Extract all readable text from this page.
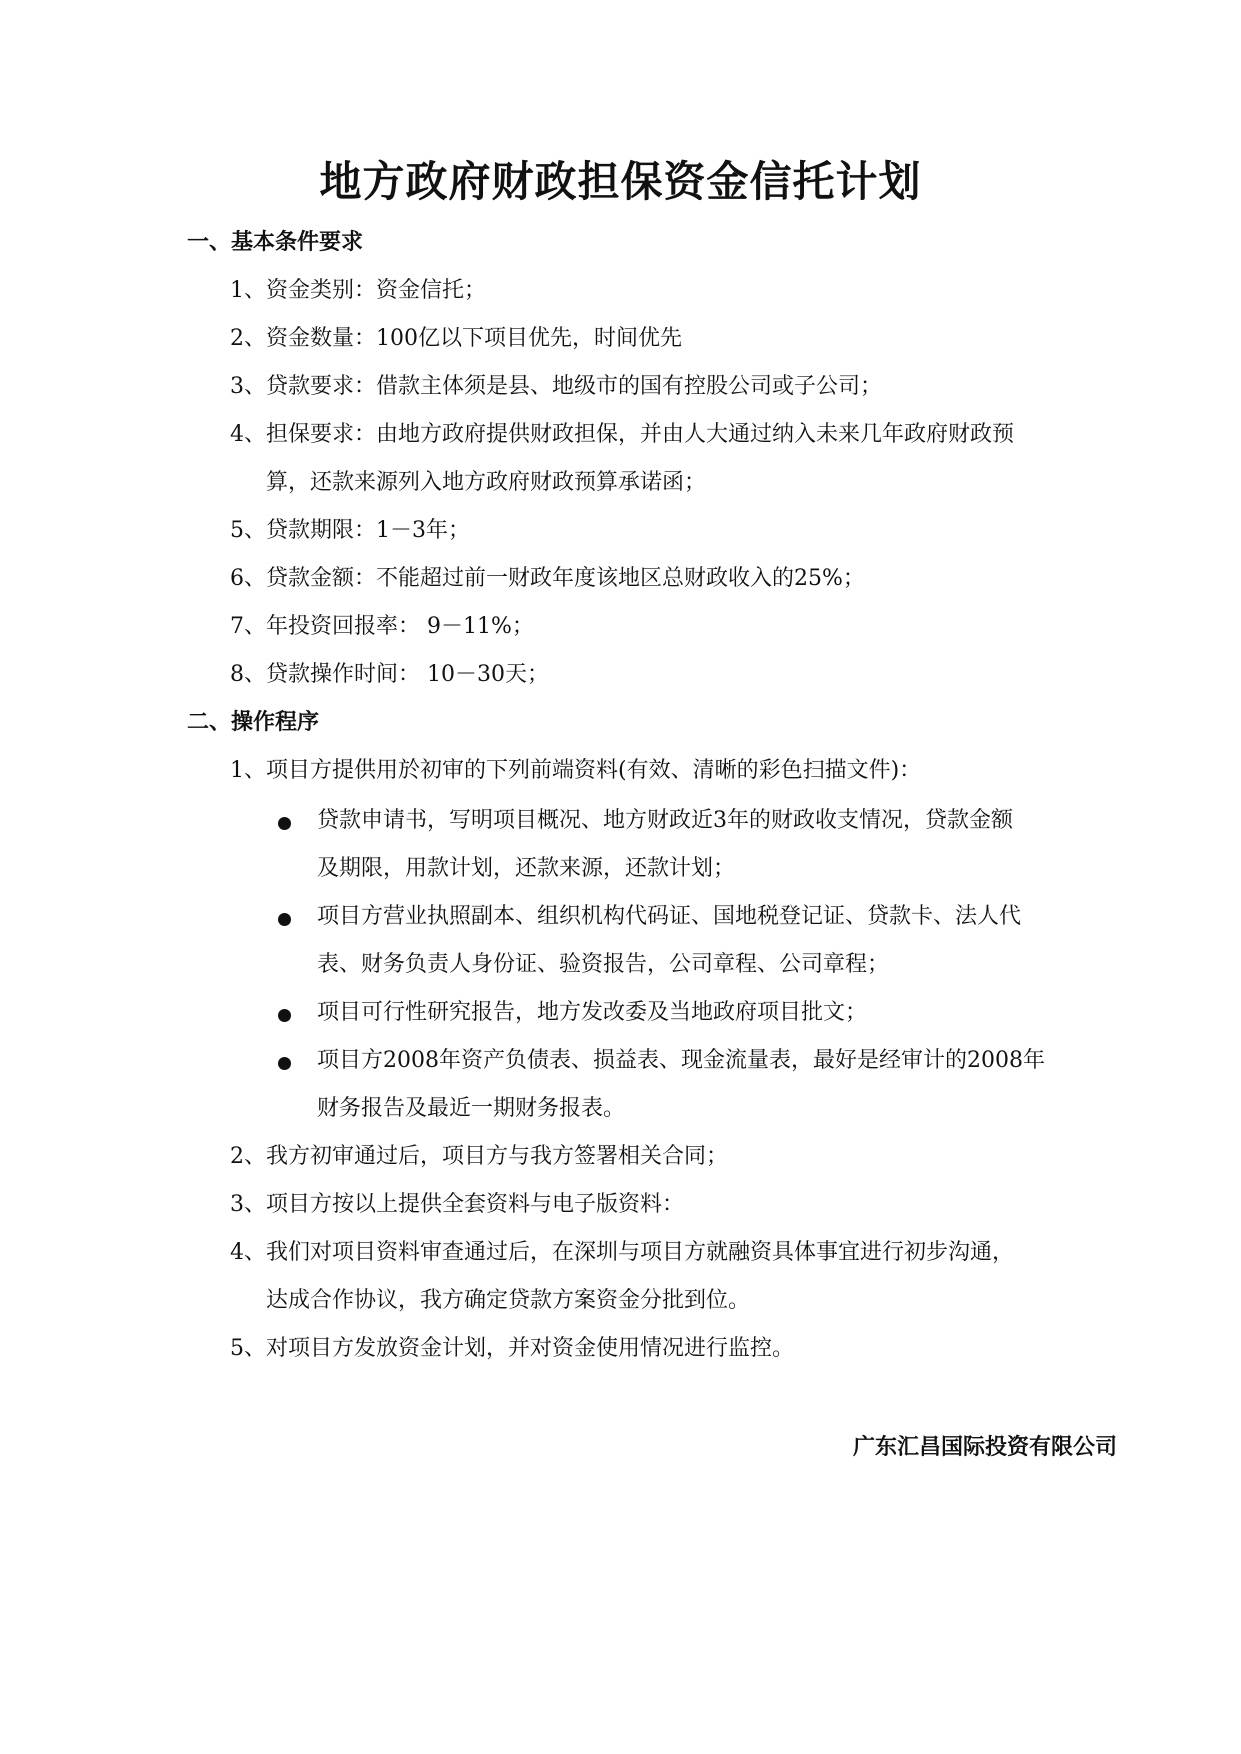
地方政府财政担保资金信托计划
一、基本条件要求
1、资金类别：资金信托；
2、资金数量：100亿以下项目优先，时间优先
3、贷款要求：借款主体须是县、地级市的国有控股公司或子公司；
4、担保要求：由地方政府提供财政担保，并由人大通过纳入未来几年政府财政预
算，还款来源列入地方政府财政预算承诺函；
5、贷款期限：1－3年；
6、贷款金额：不能超过前一财政年度该地区总财政收入的25%；
7、年投资回报率： 9－11%；
8、贷款操作时间： 10－30天；
二、操作程序
1、项目方提供用於初审的下列前端资料(有效、清晰的彩色扫描文件)：
贷款申请书，写明项目概况、地方财政近3年的财政收支情况，贷款金额
及期限，用款计划，还款来源，还款计划；
项目方营业执照副本、组织机构代码证、国地税登记证、贷款卡、法人代
表、财务负责人身份证、验资报告，公司章程、公司章程；
项目可行性研究报告，地方发改委及当地政府项目批文；
项目方2008年资产负债表、损益表、现金流量表，最好是经审计的2008年
财务报告及最近一期财务报表。
2、我方初审通过后，项目方与我方签署相关合同；
3、项目方按以上提供全套资料与电子版资料：
4、我们对项目资料审查通过后，在深圳与项目方就融资具体事宜进行初步沟通，
达成合作协议，我方确定贷款方案资金分批到位。
5、对项目方发放资金计划，并对资金使用情况进行监控。
广东汇昌国际投资有限公司
